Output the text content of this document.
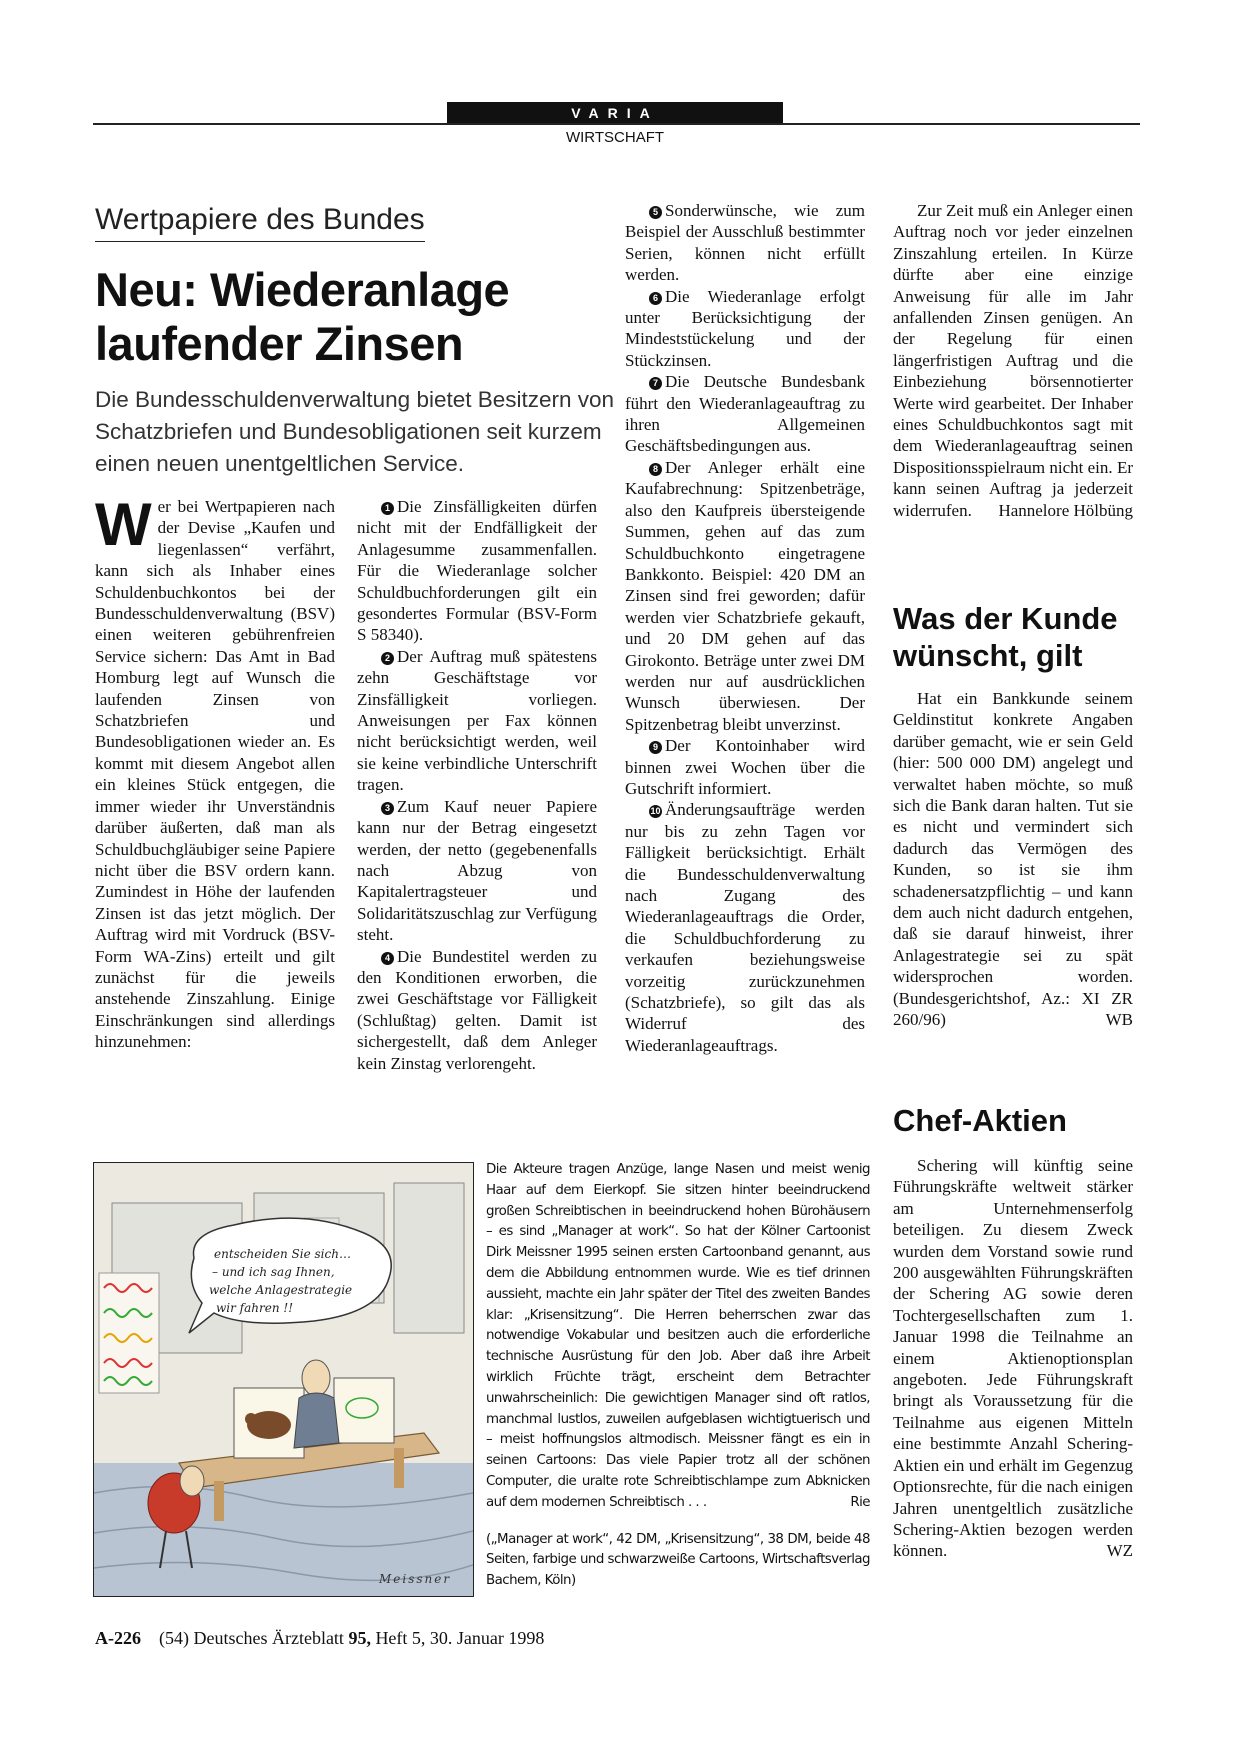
VARIA
WIRTSCHAFT
Wertpapiere des Bundes
Neu: Wiederanlage laufender Zinsen
Die Bundesschuldenverwaltung bietet Besitzern von Schatzbriefen und Bundesobligationen seit kurzem einen neuen unentgeltlichen Service.

Wer bei Wertpapieren nach der Devise „Kaufen und liegenlassen“ verfährt, kann sich als Inhaber eines Schuldenbuchkontos bei der Bundesschuldenverwaltung (BSV) einen weiteren gebührenfreien Service sichern: Das Amt in Bad Homburg legt auf Wunsch die laufenden Zinsen von Schatzbriefen und Bundesobligationen wieder an. Es kommt mit diesem Angebot allen ein kleines Stück entgegen, die immer wieder ihr Unverständnis darüber äußerten, daß man als Schuldbuchgläubiger seine Papiere nicht über die BSV ordern kann. Zumindest in Höhe der laufenden Zinsen ist das jetzt möglich. Der Auftrag wird mit Vordruck (BSV-Form WA-Zins) erteilt und gilt zunächst für die jeweils anstehende Zinszahlung. Einige Einschränkungen sind allerdings hinzunehmen:

1 Die Zinsfälligkeiten dürfen nicht mit der Endfälligkeit der Anlagesumme zusammenfallen. Für die Wiederanlage solcher Schuldbuchforderungen gilt ein gesondertes Formular (BSV-Form S 58340).

2 Der Auftrag muß spätestens zehn Geschäftstage vor Zinsfälligkeit vorliegen. Anweisungen per Fax können nicht berücksichtigt werden, weil sie keine verbindliche Unterschrift tragen.

3 Zum Kauf neuer Papiere kann nur der Betrag eingesetzt werden, der netto (gegebenenfalls nach Abzug von Kapitalertragsteuer und Solidaritätszuschlag zur Verfügung steht.

4 Die Bundestitel werden zu den Konditionen erworben, die zwei Geschäftstage vor Fälligkeit (Schlußtag) gelten. Damit ist sichergestellt, daß dem Anleger kein Zinstag verlorengeht.

5 Sonderwünsche, wie zum Beispiel der Ausschluß bestimmter Serien, können nicht erfüllt werden.

6 Die Wiederanlage erfolgt unter Berücksichtigung der Mindeststückelung und der Stückzinsen.

7 Die Deutsche Bundesbank führt den Wiederanlageauftrag zu ihren Allgemeinen Geschäftsbedingungen aus.

8 Der Anleger erhält eine Kaufabrechnung: Spitzenbeträge, also den Kaufpreis übersteigende Summen, gehen auf das zum Schuldbuchkonto eingetragene Bankkonto. Beispiel: 420 DM an Zinsen sind frei geworden; dafür werden vier Schatzbriefe gekauft, und 20 DM gehen auf das Girokonto. Beträge unter zwei DM werden nur auf ausdrücklichen Wunsch überwiesen. Der Spitzenbetrag bleibt unverzinst.

9 Der Kontoinhaber wird binnen zwei Wochen über die Gutschrift informiert.

10 Änderungsaufträge werden nur bis zu zehn Tagen vor Fälligkeit berücksichtigt. Erhält die Bundesschuldenverwaltung nach Zugang des Wiederanlageauftrags die Order, die Schuldbuchforderung zu verkaufen beziehungsweise vorzeitig zurückzunehmen (Schatzbriefe), so gilt das als Widerruf des Wiederanlageauftrags.

Zur Zeit muß ein Anleger einen Auftrag noch vor jeder einzelnen Zinszahlung erteilen. In Kürze dürfte aber eine einzige Anweisung für alle im Jahr anfallenden Zinsen genügen. An der Regelung für einen längerfristigen Auftrag und die Einbeziehung börsennotierter Werte wird gearbeitet. Der Inhaber eines Schuldbuchkontos sagt mit dem Wiederanlageauftrag seinen Dispositionsspielraum nicht ein. Er kann seinen Auftrag ja jederzeit widerrufen.	Hannelore Hölbüng

Was der Kunde wünscht, gilt

Hat ein Bankkunde seinem Geldinstitut konkrete Angaben darüber gemacht, wie er sein Geld (hier: 500 000 DM) angelegt und verwaltet haben möchte, so muß sich die Bank daran halten. Tut sie es nicht und vermindert sich dadurch das Vermögen des Kunden, so ist sie ihm schadenersatzpflichtig – und kann dem auch nicht dadurch entgehen, daß sie darauf hinweist, ihrer Anlagestrategie sei zu spät widersprochen worden. (Bundesgerichtshof, Az.: XI ZR 260/96)	WB

Chef-Aktien

Schering will künftig seine Führungskräfte weltweit stärker am Unternehmenserfolg beteiligen. Zu diesem Zweck wurden dem Vorstand sowie rund 200 ausgewählten Führungskräften der Schering AG sowie deren Tochtergesellschaften zum 1. Januar 1998 die Teilnahme an einem Aktienoptionsplan angeboten. Jede Führungskraft bringt als Voraussetzung für die Teilnahme aus eigenen Mitteln eine bestimmte Anzahl Schering-Aktien ein und erhält im Gegenzug Optionsrechte, für die nach einigen Jahren unentgeltlich zusätzliche Schering-Aktien bezogen werden können.	WZ

entscheiden Sie sich…
– und ich sag Ihnen,
welche Anlagestrategie
wir fahren !!
Meissner

Die Akteure tragen Anzüge, lange Nasen und meist wenig Haar auf dem Eierkopf. Sie sitzen hinter beeindruckend großen Schreibtischen in beeindruckend hohen Bürohäusern – es sind „Manager at work“. So hat der Kölner Cartoonist Dirk Meissner 1995 seinen ersten Cartoonband genannt, aus dem die Abbildung entnommen wurde. Wie es tief drinnen aussieht, machte ein Jahr später der Titel des zweiten Bandes klar: „Krisensitzung“. Die Herren beherrschen zwar das notwendige Vokabular und besitzen auch die erforderliche technische Ausrüstung für den Job. Aber daß ihre Arbeit wirklich Früchte trägt, erscheint dem Betrachter unwahrscheinlich: Die gewichtigen Manager sind oft ratlos, manchmal lustlos, zuweilen aufgeblasen wichtigtuerisch und – meist hoffnungslos altmodisch. Meissner fängt es ein in seinen Cartoons: Das viele Papier trotz all der schönen Computer, die uralte rote Schreibtischlampe zum Abknicken auf dem modernen Schreibtisch . . .	Rie

(„Manager at work“, 42 DM, „Krisensitzung“, 38 DM, beide 48 Seiten, farbige und schwarzweiße Cartoons, Wirtschaftsverlag Bachem, Köln)

A-226 (54) Deutsches Ärzteblatt 95, Heft 5, 30. Januar 1998
